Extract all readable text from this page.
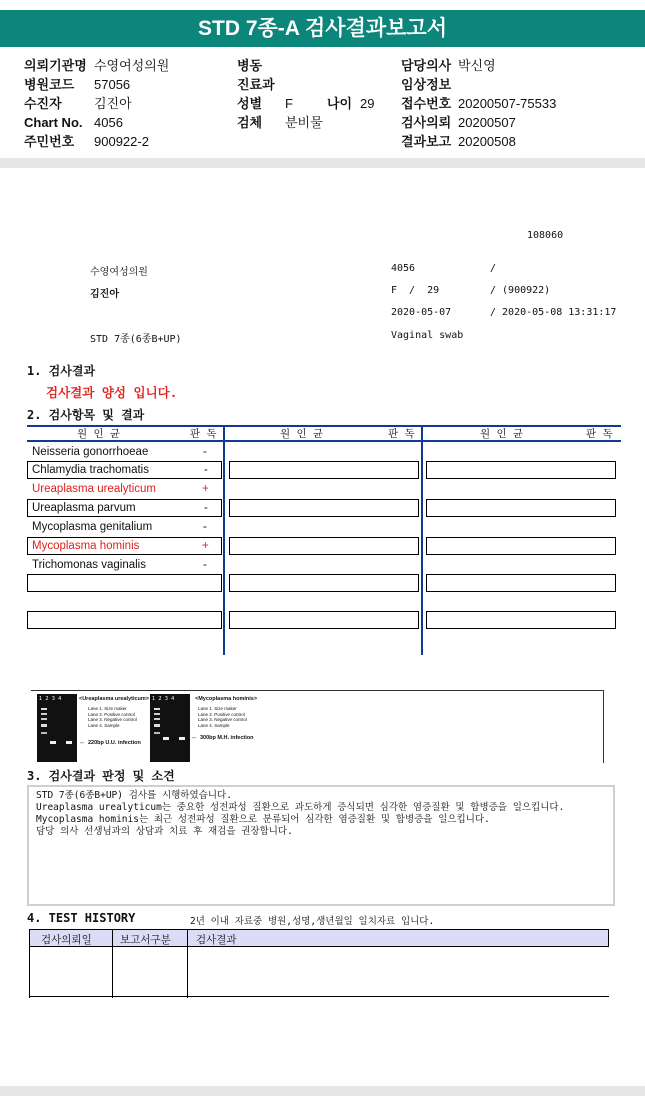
STD 7종-A 검사결과보고서
의뢰기관명 수영여성의원
병원코드 57056
수진자 김진아
Chart No. 4056
주민번호 900922-2
병동
진료과
성별 F	나이 29
검체 분비물
담당의사 박신영
임상정보
접수번호 20200507-75533
검사의뢰 20200507
결과보고 20200508
108060
수영여성의원	4056	/
김진아	F  /  29	/ (900922)
2020-05-07	/ 2020-05-08 13:31:17
STD 7종(6종B+UP)	Vaginal swab
1. 검사결과
검사결과 양성 입니다.
2. 검사항목 및 결과
원 인 균	판 독	원 인 균	판 독	원 인 균	판 독
Neisseria gonorrhoeae	-
Chlamydia trachomatis	-
Ureaplasma urealyticum	+
Ureaplasma parvum	-
Mycoplasma genitalium	-
Mycoplasma hominis	+
Trichomonas vaginalis	-
1  2  3  4	<Ureaplasma urealyticum>
Lane 1. Size maker
Lane 2. Positive control
Lane 3. Negative control
Lane 4. Sample
← 220bp U.U. infection
1  2  3  4	<Mycoplasma hominis>
Lane 1. Size maker
Lane 2. Positive control
Lane 3. Negative control
Lane 4. Sample
← 300bp M.H. infection
3. 검사결과 판정 및 소견
STD 7종(6종B+UP) 검사를 시행하였습니다.
Ureaplasma urealyticum는 중요한 성전파성 질환으로 과도하게 증식되면 심각한 염증질환 및 합병증을 일으킵니다.
Mycoplasma hominis는 최근 성전파성 질환으로 분류되어 심각한 염증질환 및 합병증을 일으킵니다.
담당 의사 선생님과의 상담과 치료 후 재검을 권장합니다.
4. TEST HISTORY	2년 이내 자료중 병원,성명,생년월일 일치자료 입니다.
검사의뢰일	보고서구분 검사결과
